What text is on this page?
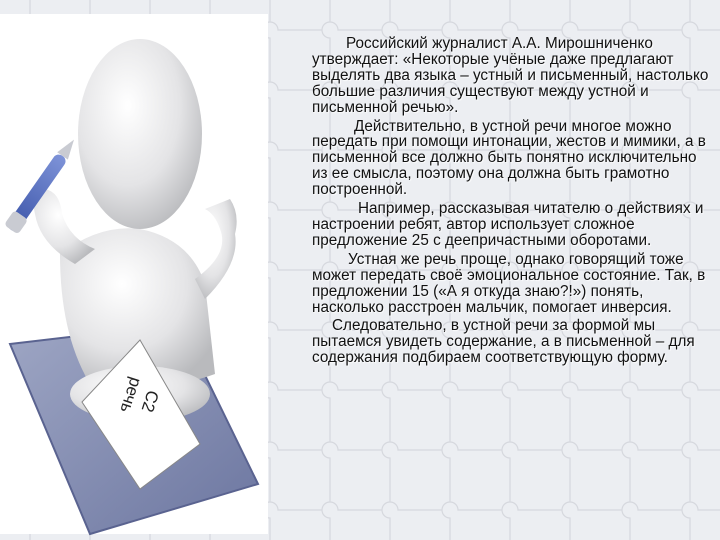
С2 речь

Российский журналист А.А. Мирошниченко утверждает: «Некоторые учёные даже предлагают выделять два языка – устный и письменный, настолько большие различия существуют между устной и письменной речью».

Действительно, в устной речи многое можно передать при помощи интонации, жестов и мимики, а в письменной все должно быть понятно исключительно из ее смысла, поэтому она должна быть грамотно построенной.

Например, рассказывая читателю о действиях и настроении ребят, автор использует сложное предложение 25 с деепричастными оборотами.

Устная же речь проще, однако говорящий тоже может передать своё эмоциональное состояние. Так, в предложении 15 («А я откуда знаю?!») понять, насколько расстроен мальчик, помогает инверсия.

Следовательно, в устной речи за формой мы пытаемся увидеть содержание, а в письменной – для содержания подбираем соответствующую форму.
